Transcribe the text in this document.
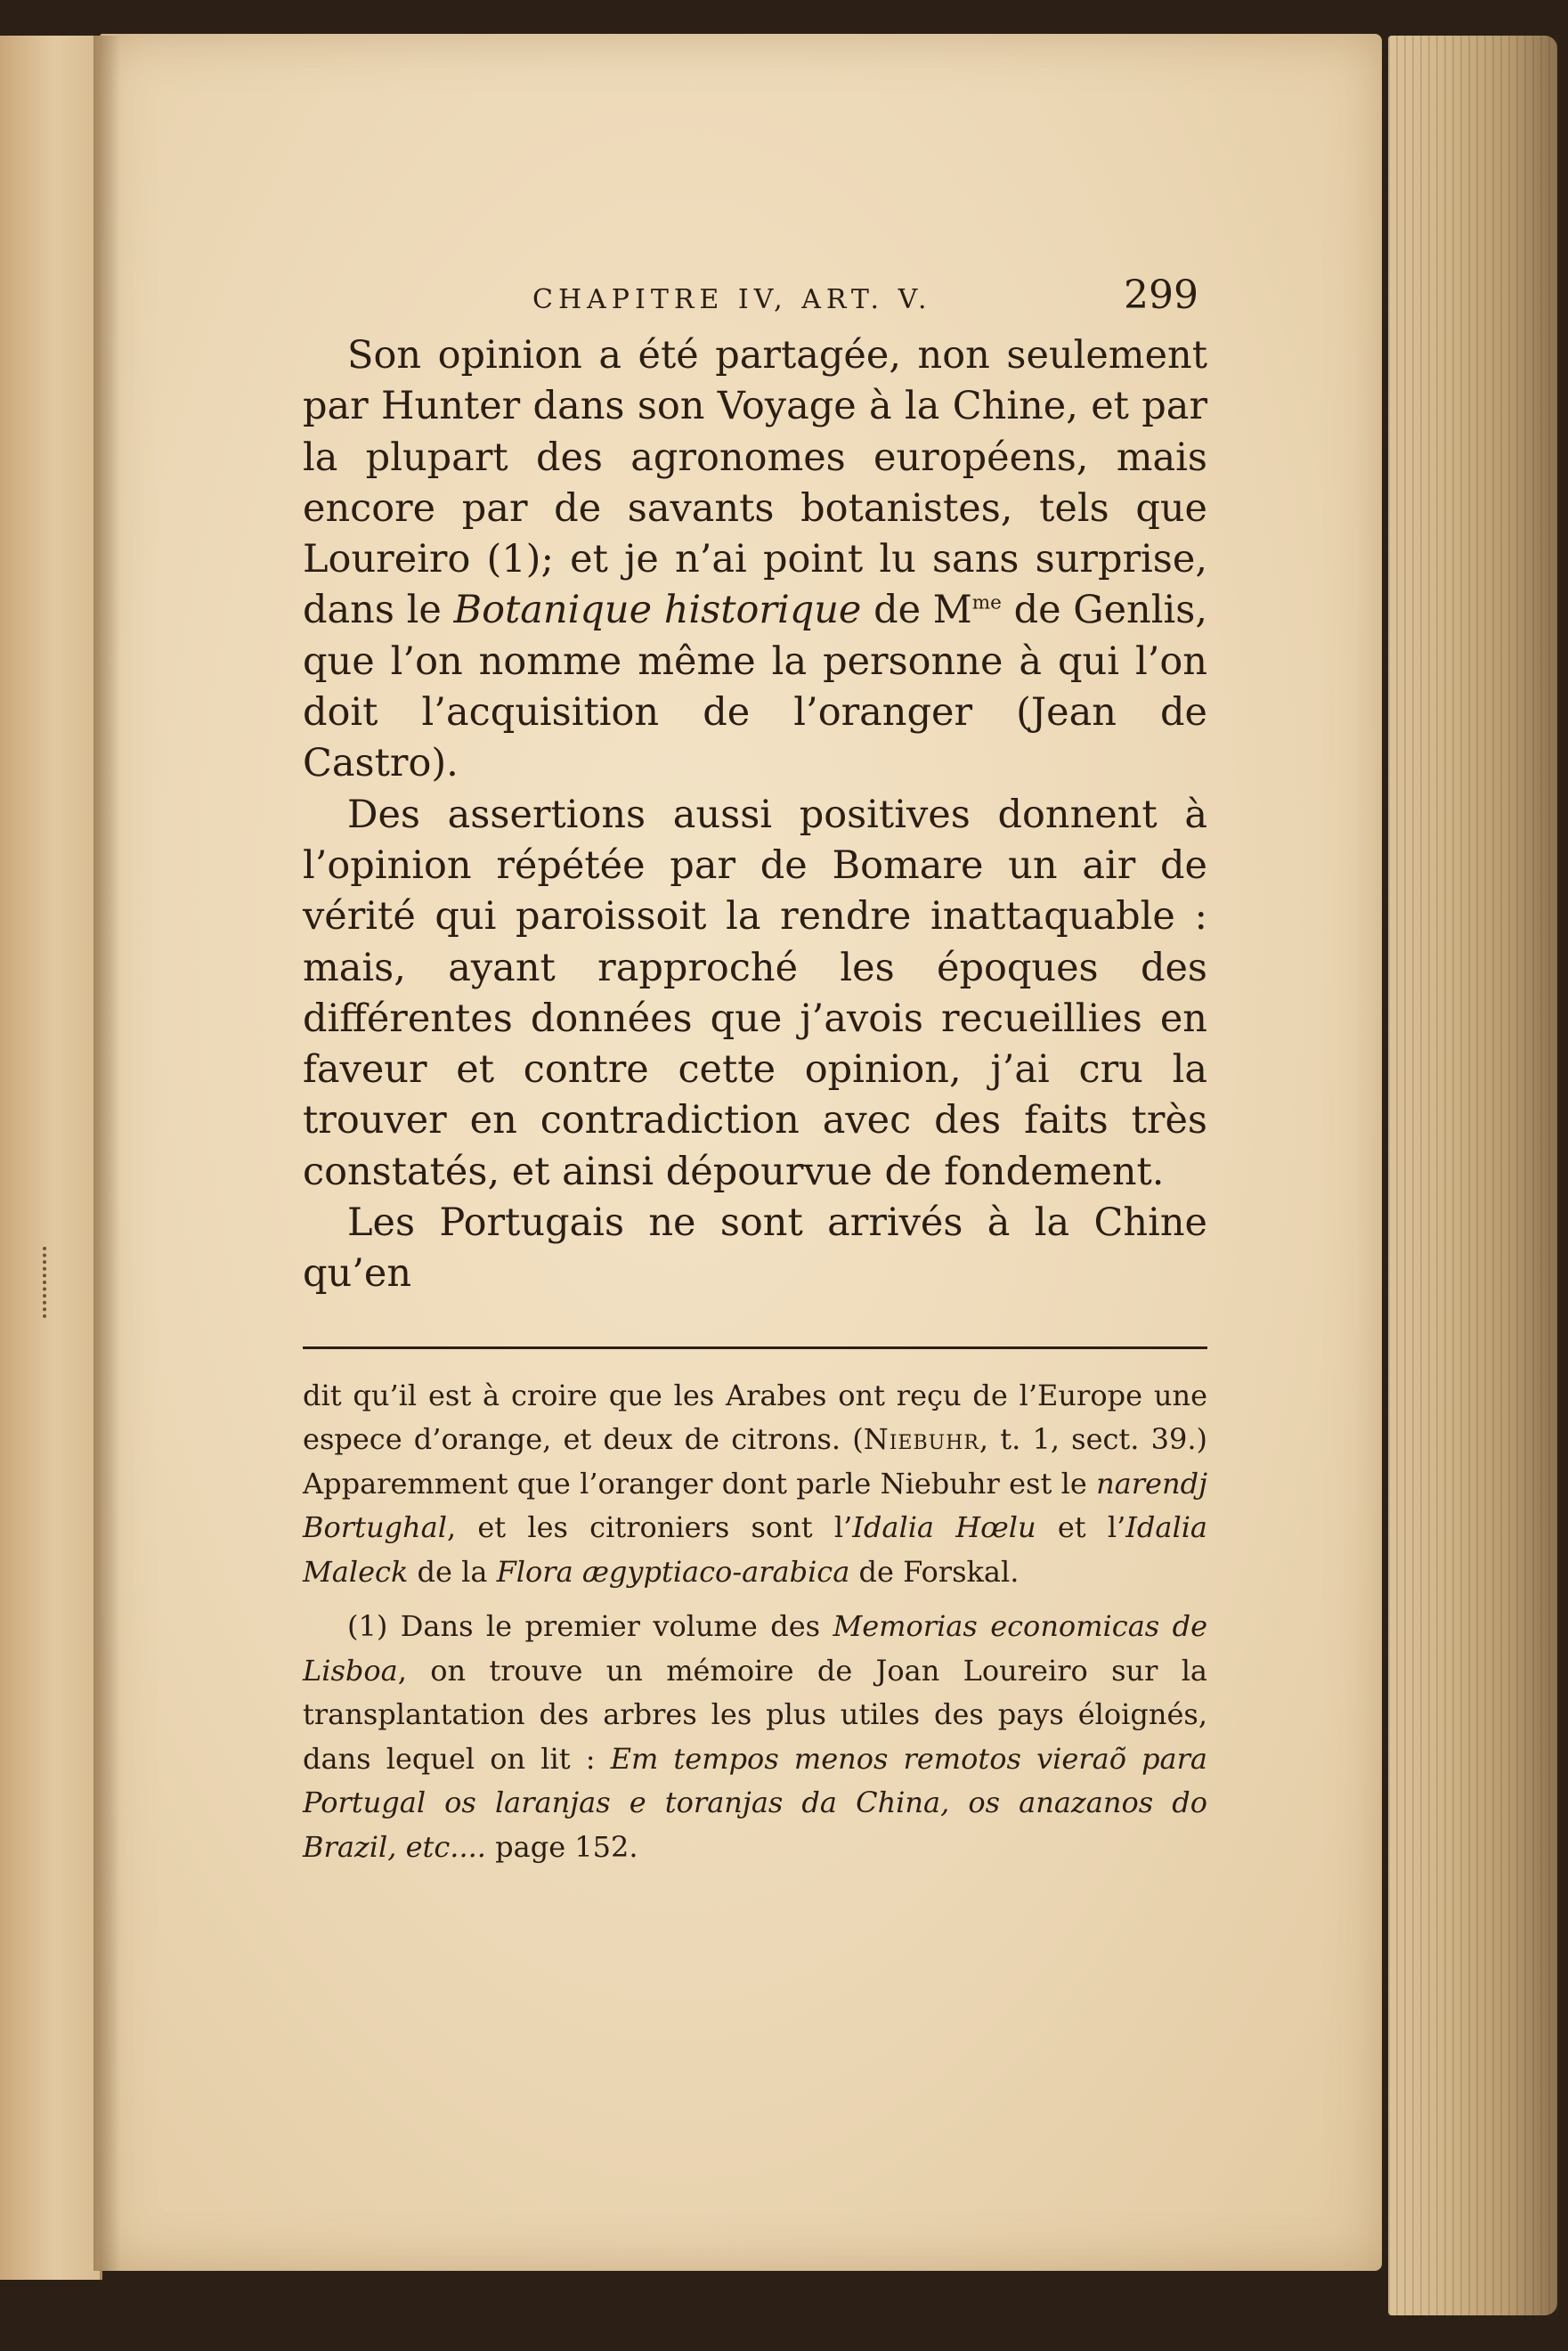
CHAPITRE IV, ART. V.	299

Son opinion a été partagée, non seulement par Hunter dans son Voyage à la Chine, et par la plupart des agronomes européens, mais encore par de savants botanistes, tels que Loureiro (1); et je n’ai point lu sans surprise, dans le Botanique historique de $M^{me}$ de Genlis, que l’on nomme même la personne à qui l’on doit l’acquisition de l’oranger (Jean de Castro).

Des assertions aussi positives donnent à l’opinion répétée par de Bomare un air de vérité qui paroissoit la rendre inattaquable : mais, ayant rapproché les époques des différentes données que j’avois recueillies en faveur et contre cette opinion, j’ai cru la trouver en contradiction avec des faits très constatés, et ainsi dépourvue de fondement.

Les Portugais ne sont arrivés à la Chine qu’en

dit qu’il est à croire que les Arabes ont reçu de l’Europe une espece d’orange, et deux de citrons. (Niebuhr, t. 1, sect. 39.) Apparemment que l’oranger dont parle Niebuhr est le narendj Bortughal, et les citroniers sont l’Idalia Hœlu et l’Idalia Maleck de la Flora ægyptiaco-arabica de Forskal.

(1) Dans le premier volume des Memorias economicas de Lisboa, on trouve un mémoire de Joan Loureiro sur la transplantation des arbres les plus utiles des pays éloignés, dans lequel on lit : Em tempos menos remotos vieraõ para Portugal os laranjas e toranjas da China, os anazanos do Brazil, etc.... page 152.
